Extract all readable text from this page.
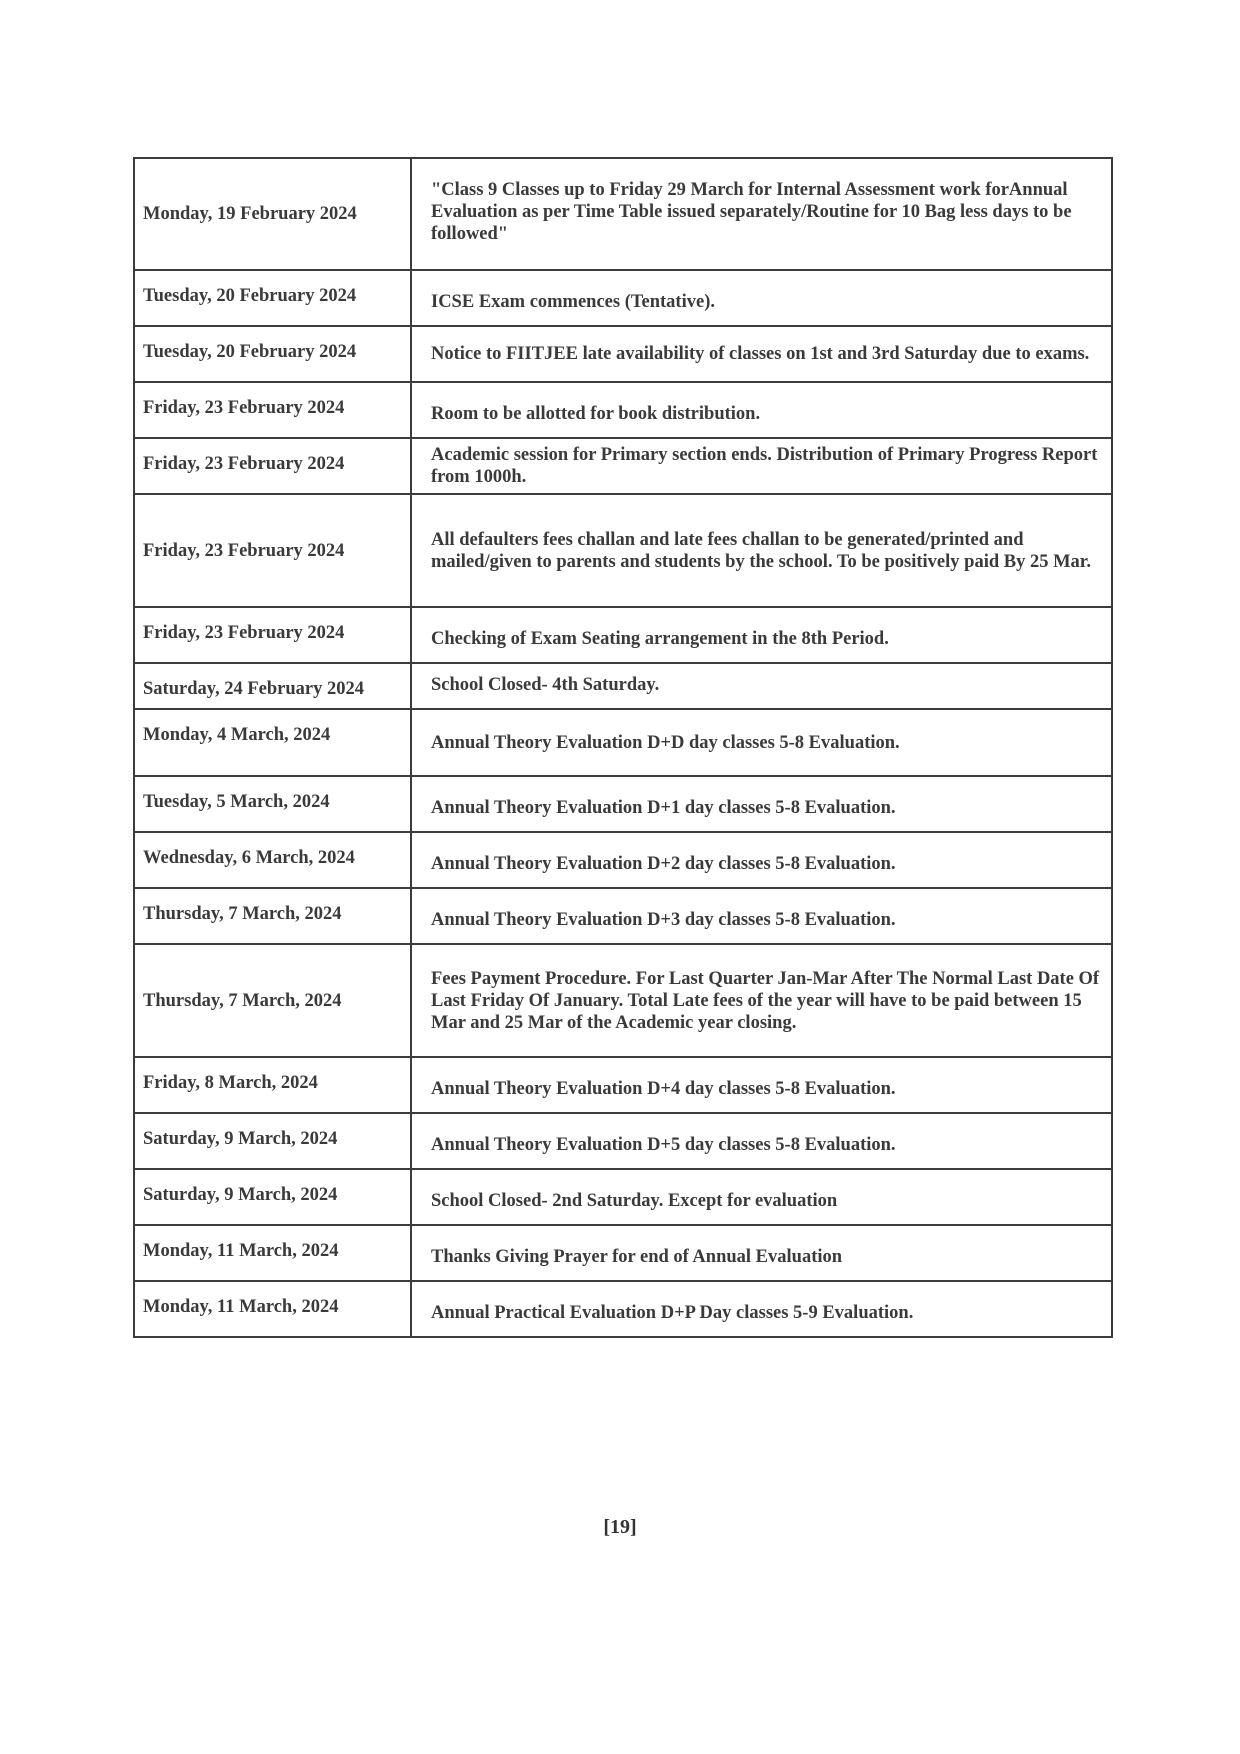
Monday, 19 February 2024	"Class 9 Classes up to Friday 29 March for Internal Assessment work forAnnual Evaluation as per Time Table issued separately/Routine for 10 Bag less days to be followed"
Tuesday, 20 February 2024	ICSE Exam commences (Tentative).
Tuesday, 20 February 2024	Notice to FIITJEE late availability of classes on 1st and 3rd Saturday due to exams.
Friday, 23 February 2024	Room to be allotted for book distribution.
Friday, 23 February 2024	Academic session for Primary section ends. Distribution of Primary Progress Report from 1000h.
Friday, 23 February 2024	All defaulters fees challan and late fees challan to be generated/printed and mailed/given to parents and students by the school. To be positively paid By 25 Mar.
Friday, 23 February 2024	Checking of Exam Seating arrangement in the 8th Period.
Saturday, 24 February 2024	School Closed- 4th Saturday.
Monday, 4 March, 2024	Annual Theory Evaluation D+D day classes 5-8 Evaluation.
Tuesday, 5 March, 2024	Annual Theory Evaluation D+1 day classes 5-8 Evaluation.
Wednesday, 6 March, 2024	Annual Theory Evaluation D+2 day classes 5-8 Evaluation.
Thursday, 7 March, 2024	Annual Theory Evaluation D+3 day classes 5-8 Evaluation.
Thursday, 7 March, 2024	Fees Payment Procedure. For Last Quarter Jan-Mar After The Normal Last Date Of Last Friday Of January. Total Late fees of the year will have to be paid between 15 Mar and 25 Mar of the Academic year closing.
Friday, 8 March, 2024	Annual Theory Evaluation D+4 day classes 5-8 Evaluation.
Saturday, 9 March, 2024	Annual Theory Evaluation D+5 day classes 5-8 Evaluation.
Saturday, 9 March, 2024	School Closed- 2nd Saturday. Except for evaluation
Monday, 11 March, 2024	Thanks Giving Prayer for end of Annual Evaluation
Monday, 11 March, 2024	Annual Practical Evaluation D+P Day classes 5-9 Evaluation.
[19]
